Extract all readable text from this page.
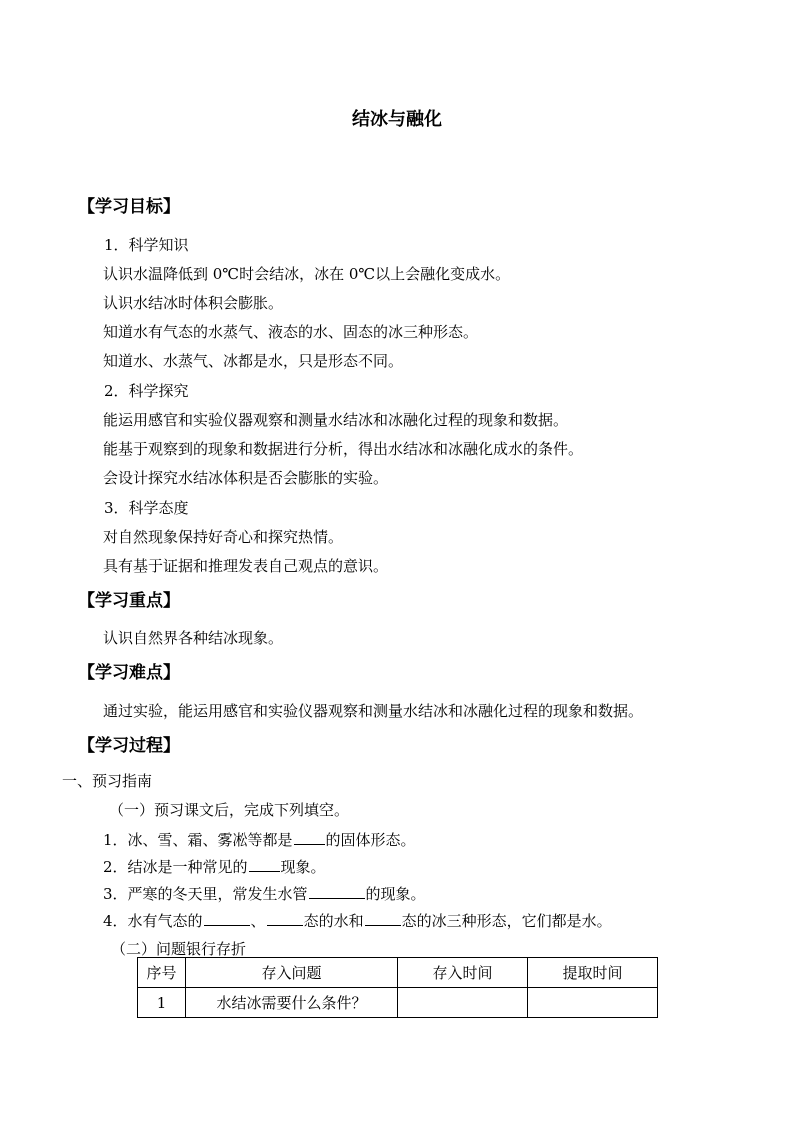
结冰与融化
【学习目标】
1．科学知识
认识水温降低到 0℃时会结冰，冰在 0℃以上会融化变成水。
认识水结冰时体积会膨胀。
知道水有气态的水蒸气、液态的水、固态的冰三种形态。
知道水、水蒸气、冰都是水，只是形态不同。
2．科学探究
能运用感官和实验仪器观察和测量水结冰和冰融化过程的现象和数据。
能基于观察到的现象和数据进行分析，得出水结冰和冰融化成水的条件。
会设计探究水结冰体积是否会膨胀的实验。
3．科学态度
对自然现象保持好奇心和探究热情。
具有基于证据和推理发表自己观点的意识。
【学习重点】
认识自然界各种结冰现象。
【学习难点】
通过实验，能运用感官和实验仪器观察和测量水结冰和冰融化过程的现象和数据。
【学习过程】
一、预习指南
（一）预习课文后，完成下列填空。
1．冰、雪、霜、雾凇等都是 的固体形态。
2．结冰是一种常见的 现象。
3．严寒的冬天里，常发生水管	的现象。
4．水有气态的	、	态的水和	态的冰三种形态，它们都是水。
（二）问题银行存折
序号	存入问题	存入时间	提取时间
1	水结冰需要什么条件？		
